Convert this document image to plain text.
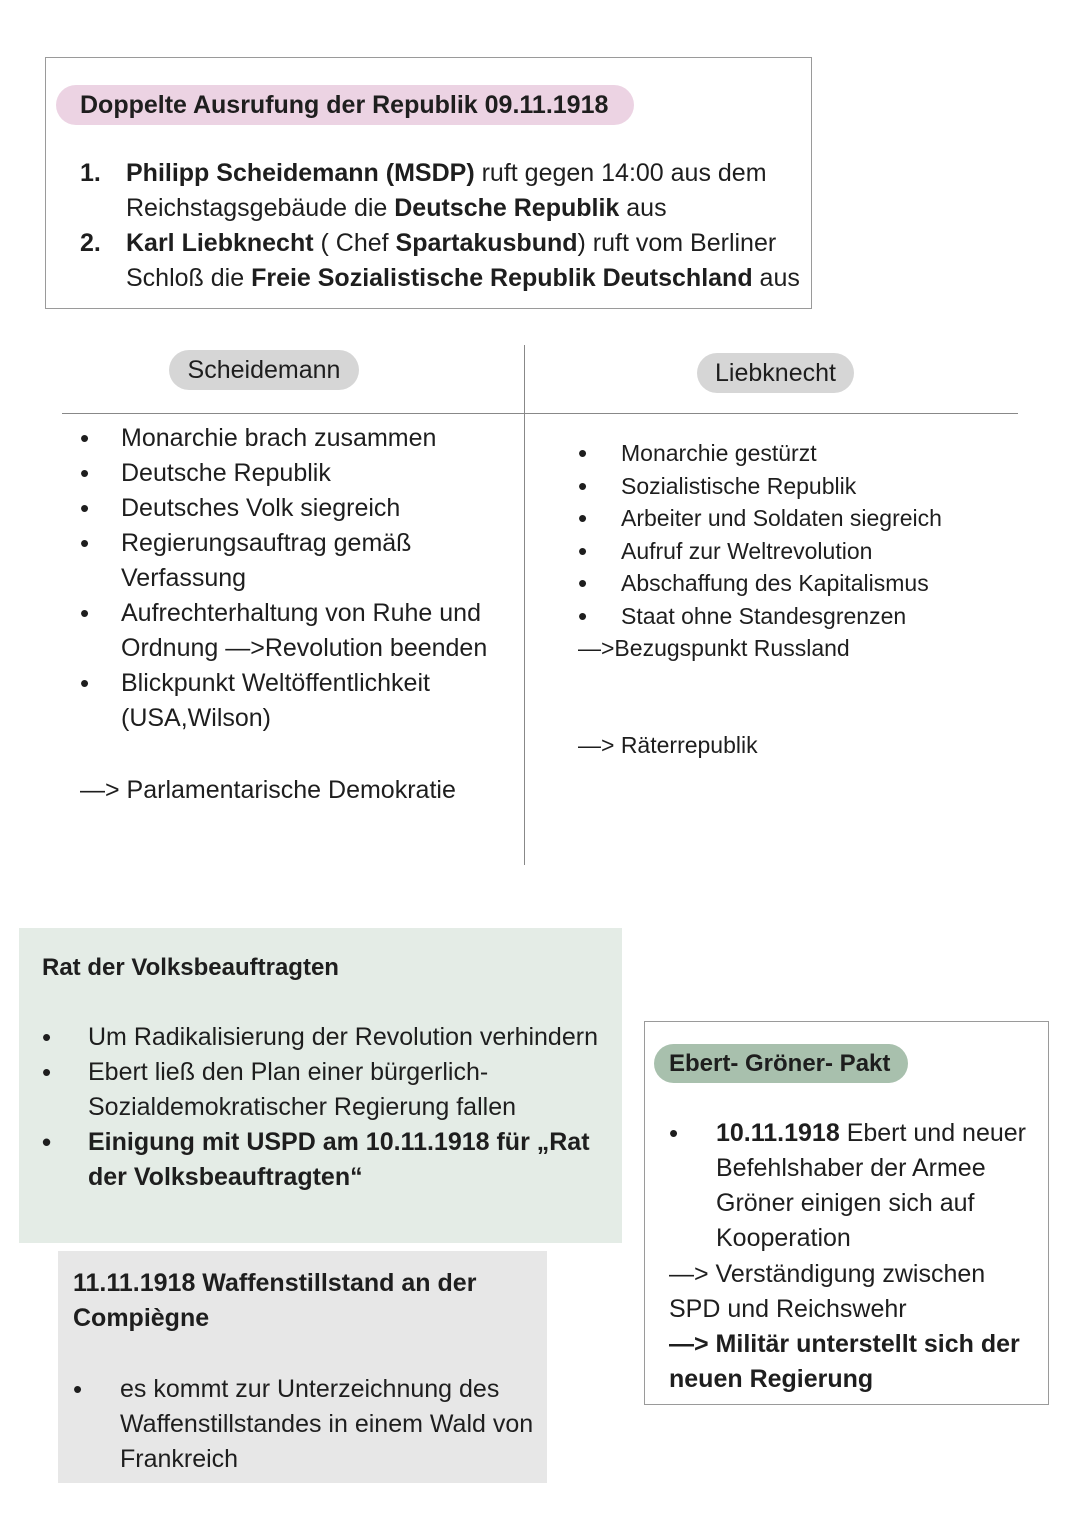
Doppelte Ausrufung der Republik 09.11.1918
1. Philipp Scheidemann (MSDP) ruft gegen 14:00 aus dem Reichstagsgebäude die Deutsche Republik aus
2. Karl Liebknecht ( Chef Spartakusbund) ruft vom Berliner Schloß die Freie Sozialistische Republik Deutschland aus
Scheidemann	Liebknecht
• Monarchie brach zusammen
• Deutsche Republik
• Deutsches Volk siegreich
• Regierungsauftrag gemäß Verfassung
• Aufrechterhaltung von Ruhe und Ordnung —>Revolution beenden
• Blickpunkt Weltöffentlichkeit (USA,Wilson)
—> Parlamentarische Demokratie
• Monarchie gestürzt
• Sozialistische Republik
• Arbeiter und Soldaten siegreich
• Aufruf zur Weltrevolution
• Abschaffung des Kapitalismus
• Staat ohne Standesgrenzen
—>Bezugspunkt Russland
—> Räterrepublik
Rat der Volksbeauftragten
• Um Radikalisierung der Revolution verhindern
• Ebert ließ den Plan einer bürgerlich-Sozialdemokratischer Regierung fallen
• Einigung mit USPD am 10.11.1918 für „Rat der Volksbeauftragten“
11.11.1918 Waffenstillstand an der Compiègne
• es kommt zur Unterzeichnung des Waffenstillstandes in einem Wald von Frankreich
Ebert- Gröner- Pakt
• 10.11.1918 Ebert und neuer Befehlshaber der Armee Gröner einigen sich auf Kooperation
—> Verständigung zwischen SPD und Reichswehr
—> Militär unterstellt sich der neuen Regierung
